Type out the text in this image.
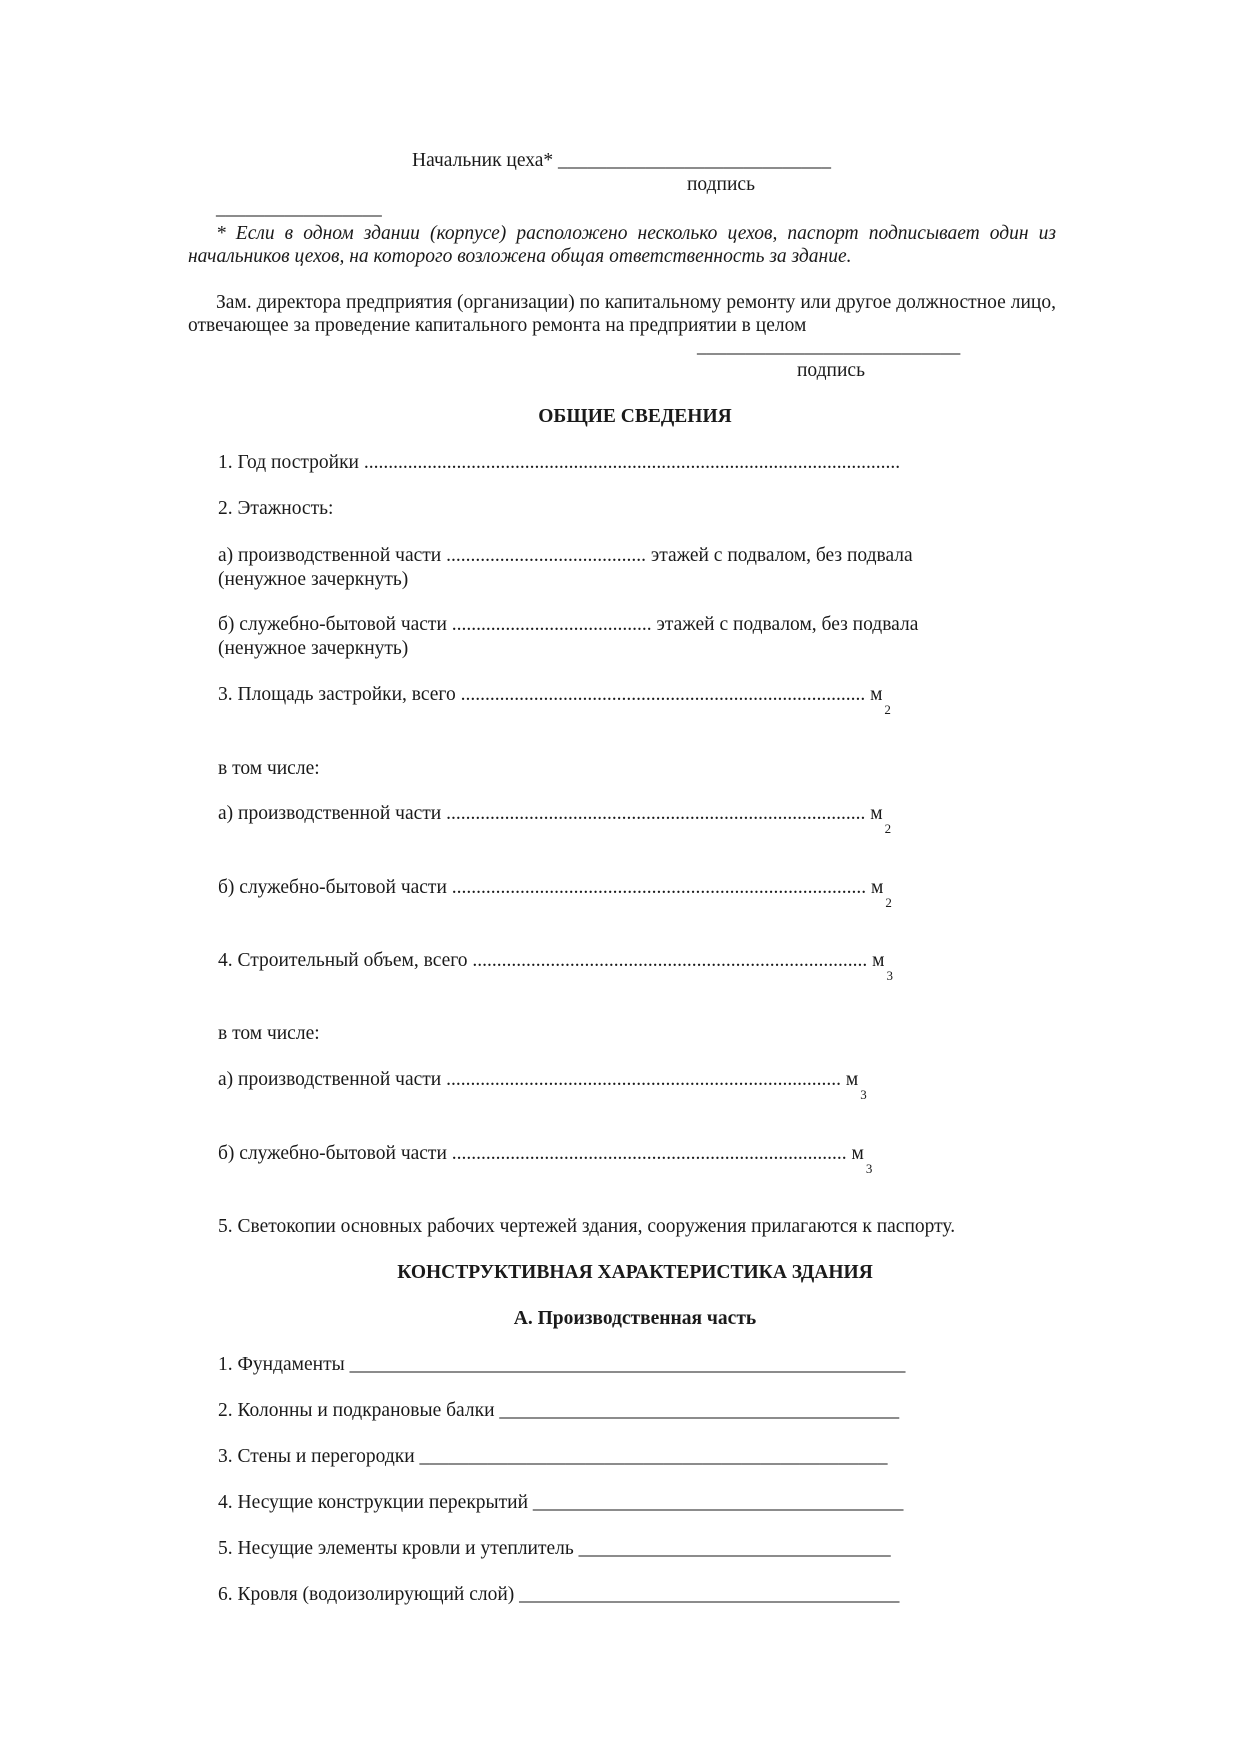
Начальник цеха* ____________________________
подпись
_________________
* Если в одном здании (корпусе) расположено несколько цехов, паспорт подписывает один из начальников цехов, на которого возложена общая ответственность за здание.
Зам. директора предприятия (организации) по капитальному ремонту или другое должностное лицо, отвечающее за проведение капитального ремонта на предприятии в целом
___________________________
подпись
ОБЩИЕ СВЕДЕНИЯ
1. Год постройки ..............................................................................................................
2. Этажность:
а) производственной части ......................................... этажей с подвалом, без подвала
(ненужное зачеркнуть)
б) служебно-бытовой части ......................................... этажей с подвалом, без подвала
(ненужное зачеркнуть)
3. Площадь застройки, всего ................................................................................... $м_2$
в том числе:
а) производственной части ...................................................................................... $м_2$
б) служебно-бытовой части ..................................................................................... $м_2$
4. Строительный объем, всего ................................................................................. $м_3$
в том числе:
а) производственной части ................................................................................. $м_3$
б) служебно-бытовой части ................................................................................. $м_3$
5. Светокопии основных рабочих чертежей здания, сооружения прилагаются к паспорту.
КОНСТРУКТИВНАЯ ХАРАКТЕРИСТИКА ЗДАНИЯ
А. Производственная часть
1. Фундаменты _________________________________________________________
2. Колонны и подкрановые балки _________________________________________
3. Стены и перегородки ________________________________________________
4. Несущие конструкции перекрытий ______________________________________
5. Несущие элементы кровли и утеплитель ________________________________
6. Кровля (водоизолирующий слой) _______________________________________
